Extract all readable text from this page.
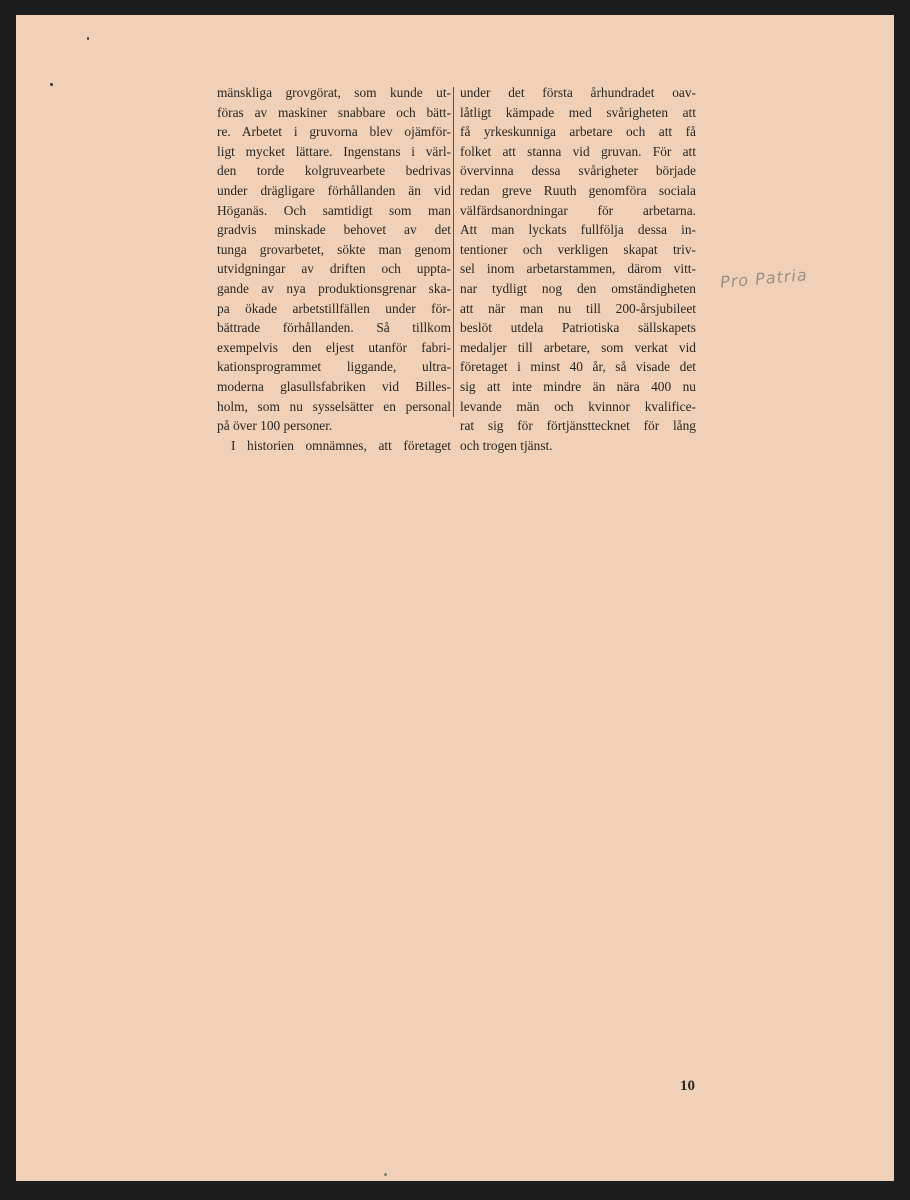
mänskliga grovgörat, som kunde ut-
föras av maskiner snabbare och bätt-
re. Arbetet i gruvorna blev ojämför-
ligt mycket lättare. Ingenstans i värl-
den torde kolgruvearbete bedrivas
under drägligare förhållanden än vid
Höganäs. Och samtidigt som man
gradvis minskade behovet av det
tunga grovarbetet, sökte man genom
utvidgningar av driften och uppta-
gande av nya produktionsgrenar ska-
pa ökade arbetstillfällen under för-
bättrade förhållanden. Så tillkom
exempelvis den eljest utanför fabri-
kationsprogrammet liggande, ultra-
moderna glasullsfabriken vid Billes-
holm, som nu sysselsätter en personal
på över 100 personer.
I historien omnämnes, att företaget
under det första århundradet oav-
låtligt kämpade med svårigheten att
få yrkeskunniga arbetare och att få
folket att stanna vid gruvan. För att
övervinna dessa svårigheter började
redan greve Ruuth genomföra sociala
välfärdsanordningar för arbetarna.
Att man lyckats fullfölja dessa in-
tentioner och verkligen skapat triv-
sel inom arbetarstammen, därom vitt-
nar tydligt nog den omständigheten
att när man nu till 200-årsjubileet
beslöt utdela Patriotiska sällskapets
medaljer till arbetare, som verkat vid
företaget i minst 40 år, så visade det
sig att inte mindre än nära 400 nu
levande män och kvinnor kvalifice-
rat sig för förtjänsttecknet för lång
och trogen tjänst.
Pro Patria
10
